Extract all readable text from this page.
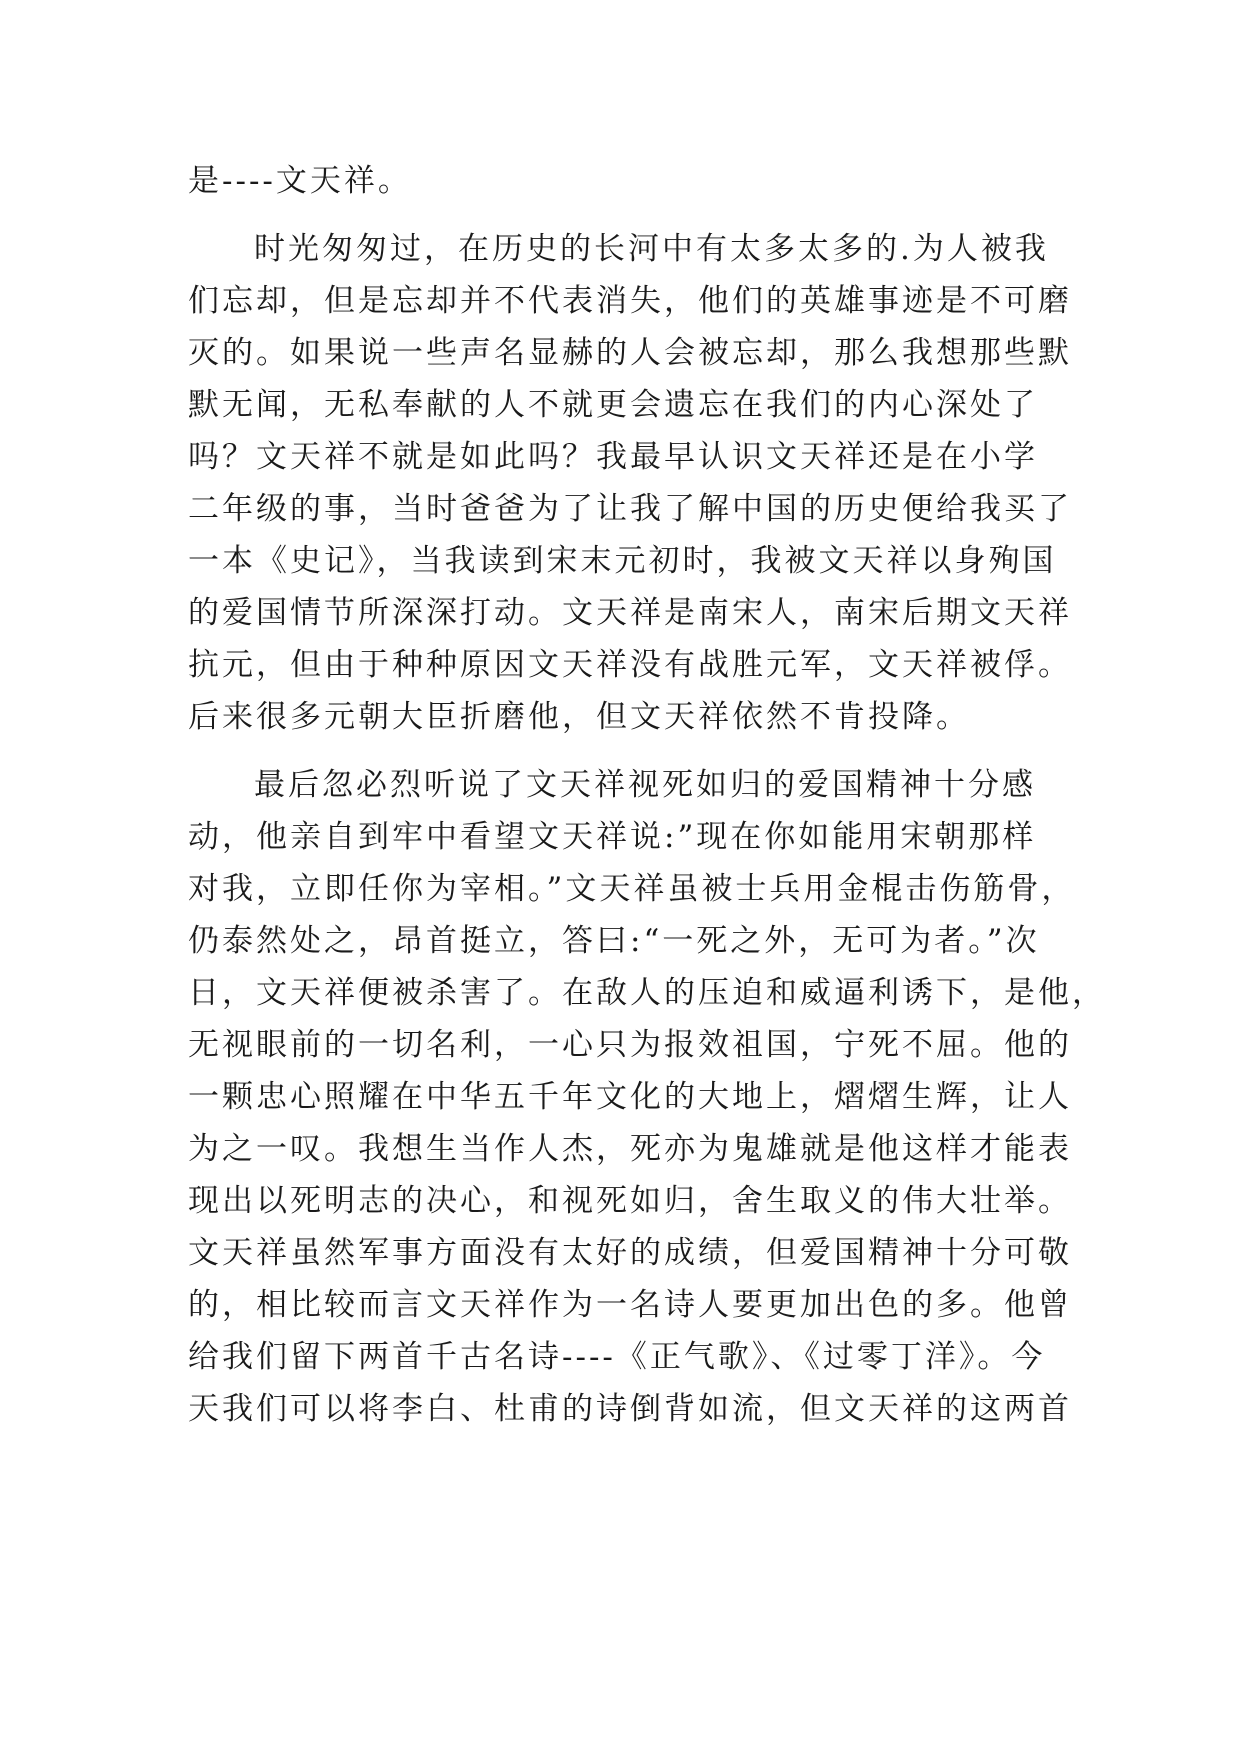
是----文天祥。
时光匆匆过，在历史的长河中有太多太多的.为人被我
们忘却，但是忘却并不代表消失，他们的英雄事迹是不可磨
灭的。如果说一些声名显赫的人会被忘却，那么我想那些默
默无闻，无私奉献的人不就更会遗忘在我们的内心深处了
吗？文天祥不就是如此吗？我最早认识文天祥还是在小学
二年级的事，当时爸爸为了让我了解中国的历史便给我买了
一本《史记》，当我读到宋末元初时，我被文天祥以身殉国
的爱国情节所深深打动。文天祥是南宋人，南宋后期文天祥
抗元，但由于种种原因文天祥没有战胜元军，文天祥被俘。
后来很多元朝大臣折磨他，但文天祥依然不肯投降。
最后忽必烈听说了文天祥视死如归的爱国精神十分感
动，他亲自到牢中看望文天祥说:”现在你如能用宋朝那样
对我，立即任你为宰相。”文天祥虽被士兵用金棍击伤筋骨，
仍泰然处之，昂首挺立，答曰:“一死之外，无可为者。”次
日，文天祥便被杀害了。在敌人的压迫和威逼利诱下，是他，
无视眼前的一切名利，一心只为报效祖国，宁死不屈。他的
一颗忠心照耀在中华五千年文化的大地上，熠熠生辉，让人
为之一叹。我想生当作人杰，死亦为鬼雄就是他这样才能表
现出以死明志的决心，和视死如归，舍生取义的伟大壮举。
文天祥虽然军事方面没有太好的成绩，但爱国精神十分可敬
的，相比较而言文天祥作为一名诗人要更加出色的多。他曾
给我们留下两首千古名诗----《正气歌》、《过零丁洋》。今
天我们可以将李白、杜甫的诗倒背如流，但文天祥的这两首
